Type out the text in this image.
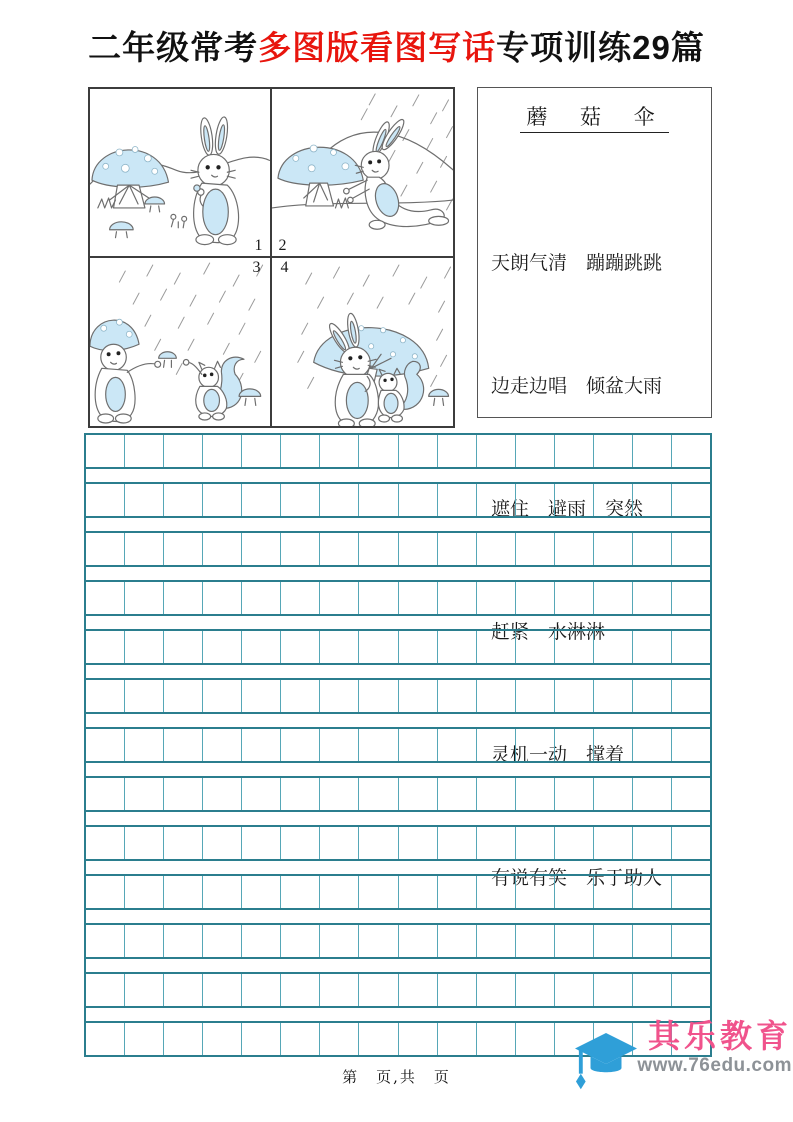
二年级常考多图版看图写话专项训练29篇
1 2
3 4
蘑 菇 伞

天朗气清　蹦蹦跳跳

边走边唱　倾盆大雨

遮住　避雨　突然

赶紧　水淋淋

灵机一动　撑着

有说有笑　乐于助人

第　页,共　页
其乐教育
www.76edu.com
